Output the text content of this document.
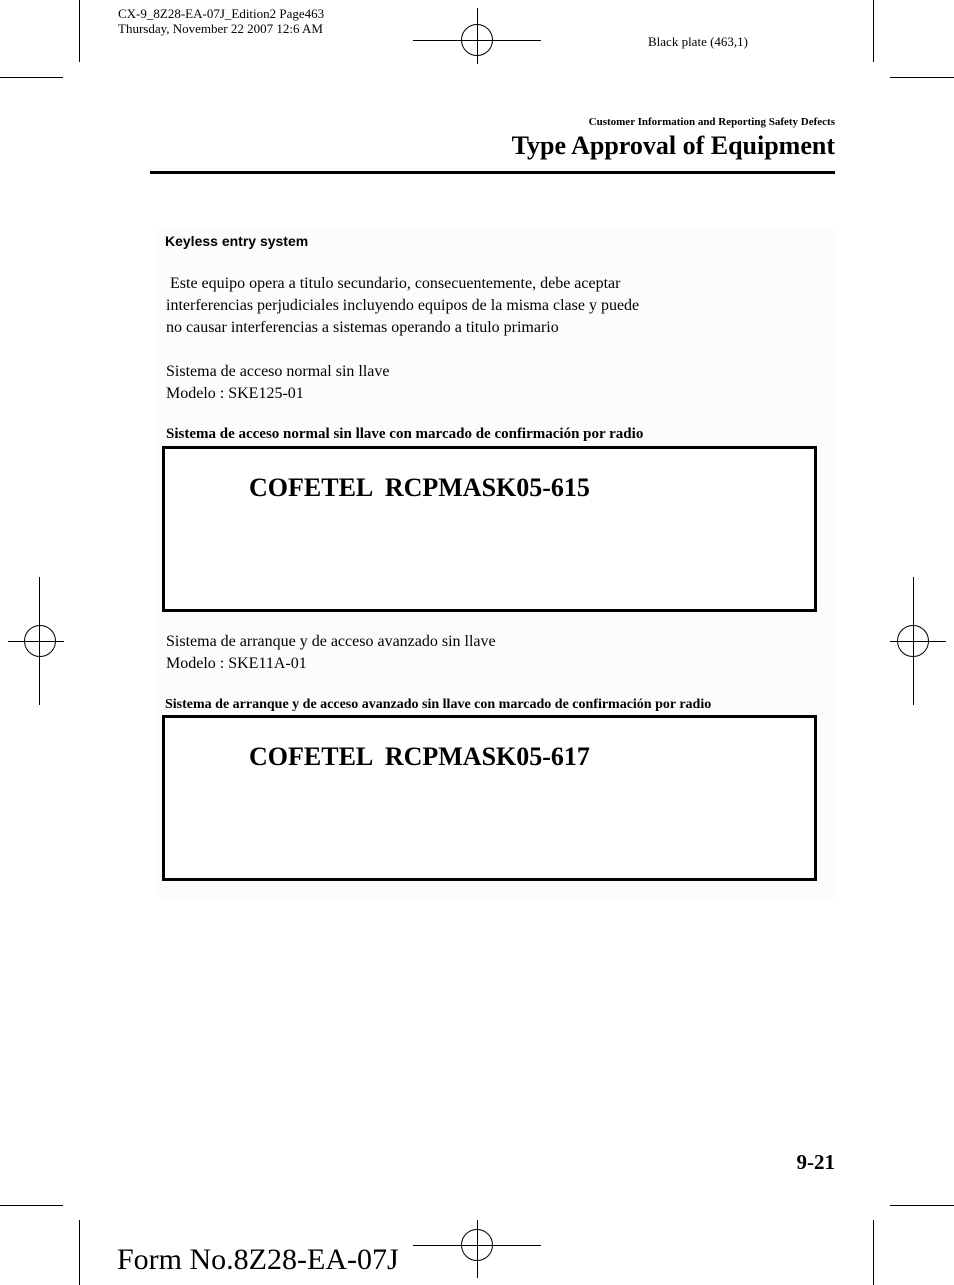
CX-9_8Z28-EA-07J_Edition2 Page463
Thursday, November 22 2007 12:6 AM
Black plate (463,1)
Customer Information and Reporting Safety Defects
Type Approval of Equipment
Keyless entry system
Este equipo opera a titulo secundario, consecuentemente, debe aceptar
interferencias perjudiciales incluyendo equipos de la misma clase y puede
no causar interferencias a sistemas operando a titulo primario
Sistema de acceso normal sin llave
Modelo : SKE125-01
Sistema de acceso normal sin llave con marcado de confirmación por radio
COFETEL  RCPMASK05-615
Sistema de arranque y de acceso avanzado sin llave
Modelo : SKE11A-01
Sistema de arranque y de acceso avanzado sin llave con marcado de confirmación por radio
COFETEL  RCPMASK05-617
9-21
Form No.8Z28-EA-07J
